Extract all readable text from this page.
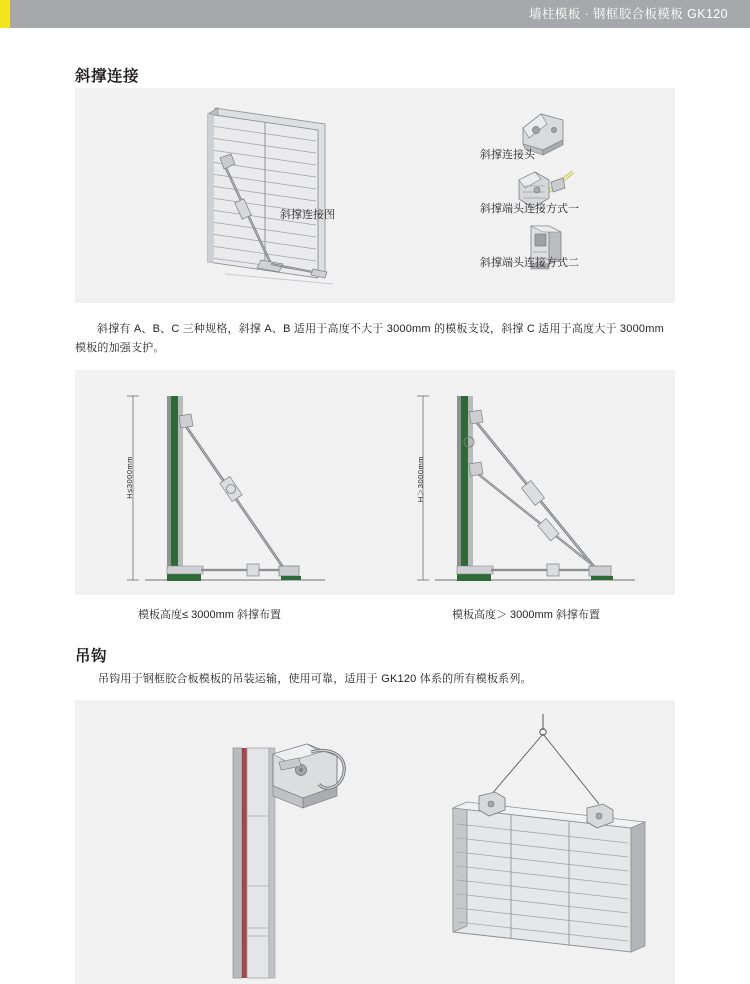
墙柱模板 · 钢框胶合板模板 GK120
斜撑连接
斜撑连接图
斜撑连接头
斜撑端头连接方式一
斜撑端头连接方式二
斜撑有 A、B、C 三种规格，斜撑 A、B 适用于高度不大于 3000mm 的模板支设，斜撑 C 适用于高度大于 3000mm 模板的加强支护。
H≤3000mm	H＞3000mm
模板高度≤ 3000mm 斜撑布置	模板高度＞ 3000mm 斜撑布置
吊钩
吊钩用于钢框胶合板模板的吊装运输，使用可靠，适用于 GK120 体系的所有模板系列。
